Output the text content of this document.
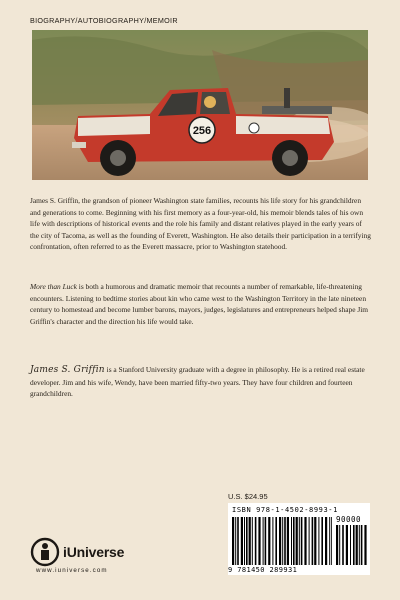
BIOGRAPHY/AUTOBIOGRAPHY/MEMOIR
256

James S. Griffin, the grandson of pioneer Washington state families, recounts his life story for his grandchildren and generations to come. Beginning with his first memory as a four-year-old, his memoir blends tales of his own life with descriptions of historical events and the role his family and distant relatives played in the early years of the city of Tacoma, as well as the founding of Everett, Washington. He also details their participation in a terrifying confrontation, often referred to as the Everett massacre, prior to Washington statehood.

More than Luck is both a humorous and dramatic memoir that recounts a number of remarkable, life-threatening encounters. Listening to bedtime stories about kin who came west to the Washington Territory in the late nineteen century to homestead and become lumber barons, mayors, judges, legislatures and entrepreneurs helped shape Jim Griffin's character and the direction his life would take.

James S. Griffin is a Stanford University graduate with a degree in philosophy. He is a retired real estate developer. Jim and his wife, Wendy, have been married fifty-two years. They have four children and fourteen grandchildren.
U.S. $24.95
ISBN 978-1-4502-8993-1
90000
9 781450 289931
iUniverse
www.iuniverse.com
